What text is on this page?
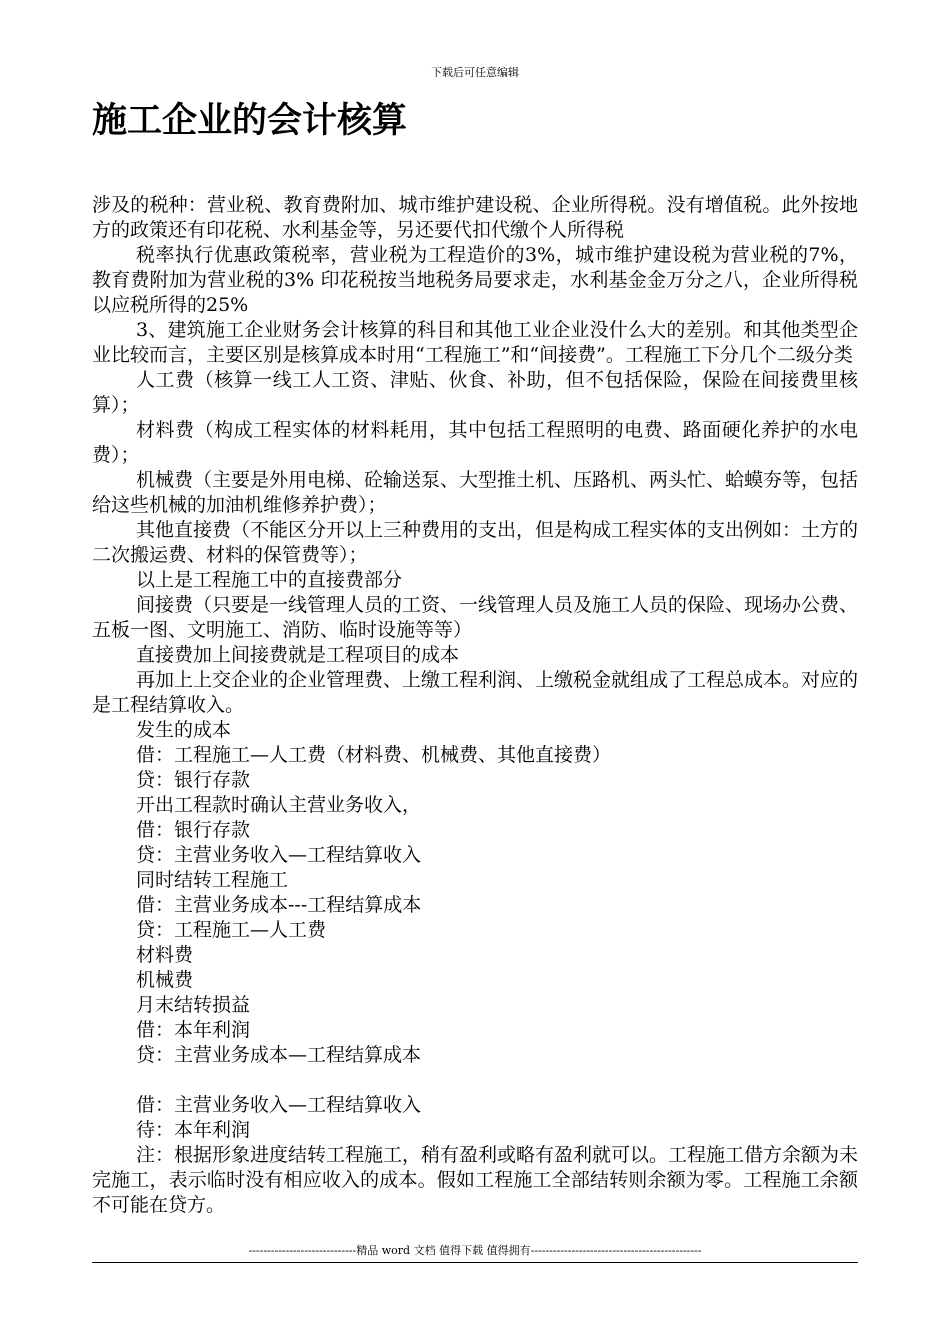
下载后可任意编辑
施工企业的会计核算

涉及的税种：营业税、教育费附加、城市维护建设税、企业所得税。没有增值税。此外按地方的政策还有印花税、水利基金等，另还要代扣代缴个人所得税

税率执行优惠政策税率，营业税为工程造价的3%，城市维护建设税为营业税的7%，教育费附加为营业税的3% 印花税按当地税务局要求走，水利基金金万分之八，企业所得税以应税所得的25%

3、建筑施工企业财务会计核算的科目和其他工业企业没什么大的差别。和其他类型企业比较而言，主要区别是核算成本时用“工程施工”和“间接费”。工程施工下分几个二级分类

人工费（核算一线工人工资、津贴、伙食、补助，但不包括保险，保险在间接费里核算）；

材料费（构成工程实体的材料耗用，其中包括工程照明的电费、路面硬化养护的水电费）；

机械费（主要是外用电梯、砼输送泵、大型推土机、压路机、两头忙、蛤蟆夯等，包括给这些机械的加油机维修养护费）；

其他直接费（不能区分开以上三种费用的支出，但是构成工程实体的支出例如：土方的二次搬运费、材料的保管费等）；

以上是工程施工中的直接费部分

间接费（只要是一线管理人员的工资、一线管理人员及施工人员的保险、现场办公费、五板一图、文明施工、消防、临时设施等等）

直接费加上间接费就是工程项目的成本

再加上上交企业的企业管理费、上缴工程利润、上缴税金就组成了工程总成本。对应的是工程结算收入。

发生的成本

借：工程施工—人工费（材料费、机械费、其他直接费）

贷：银行存款

开出工程款时确认主营业务收入，

借：银行存款

贷：主营业务收入—工程结算收入

同时结转工程施工

借：主营业务成本---工程结算成本

贷：工程施工—人工费

材料费

机械费

月末结转损益

借：本年利润

贷：主营业务成本—工程结算成本

借：主营业务收入—工程结算收入

待：本年利润

注：根据形象进度结转工程施工，稍有盈利或略有盈利就可以。工程施工借方余额为未完施工，表示临时没有相应收入的成本。假如工程施工全部结转则余额为零。工程施工余额不可能在贷方。

-----------------------------精品 word 文档 值得下载 值得拥有----------------------------------------------
